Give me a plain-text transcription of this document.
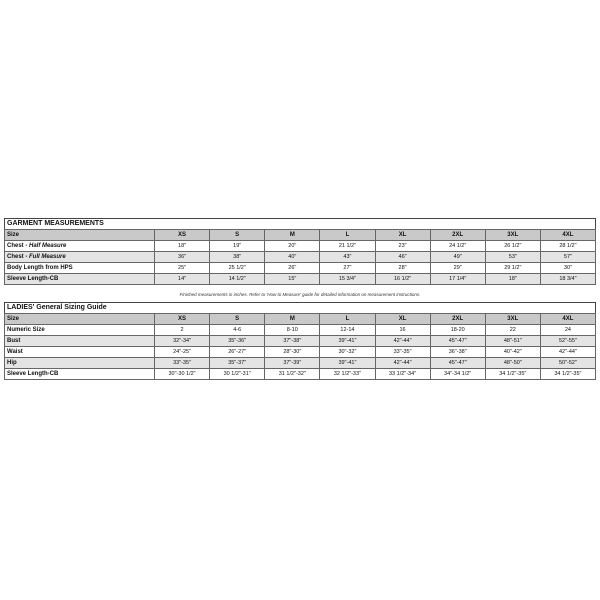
GARMENT MEASUREMENTS
Size	XS	S	M	L	XL	2XL	3XL	4XL
Chest - Half Measure	18"	19"	20"	21 1/2"	23"	24 1/2"	26 1/2"	28 1/2"
Chest - Full Measure	36"	38"	40"	43"	46"	49"	53"	57"
Body Length from HPS	25"	25 1/2"	26"	27"	28"	29"	29 1/2"	30"
Sleeve Length-CB	14"	14 1/2"	15"	15 3/4"	16 1/2"	17 1/4"	18"	18 3/4"
Finished measurements in inches. Refer to 'How to Measure' guide for detailed information on measurement instructions.
LADIES' General Sizing Guide
Size	XS	S	M	L	XL	2XL	3XL	4XL
Numeric Size	2	4-6	8-10	12-14	16	18-20	22	24
Bust	32"-34"	35"-36"	37"-38"	39"-41"	42"-44"	45"-47"	48"-51"	52"-55"
Waist	24"-25"	26"-27"	28"-30"	30"-32"	33"-35"	36"-38"	40"-42"	42"-44"
Hip	33"-35"	35"-37"	37"-39"	39"-41"	42"-44"	45"-47"	48"-50"	50"-52"
Sleeve Length-CB	30"-30 1/2"	30 1/2"-31"	31 1/2"-32"	32 1/2"-33"	33 1/2"-34"	34"-34 1/2"	34 1/2"-35"	34 1/2"-35"
